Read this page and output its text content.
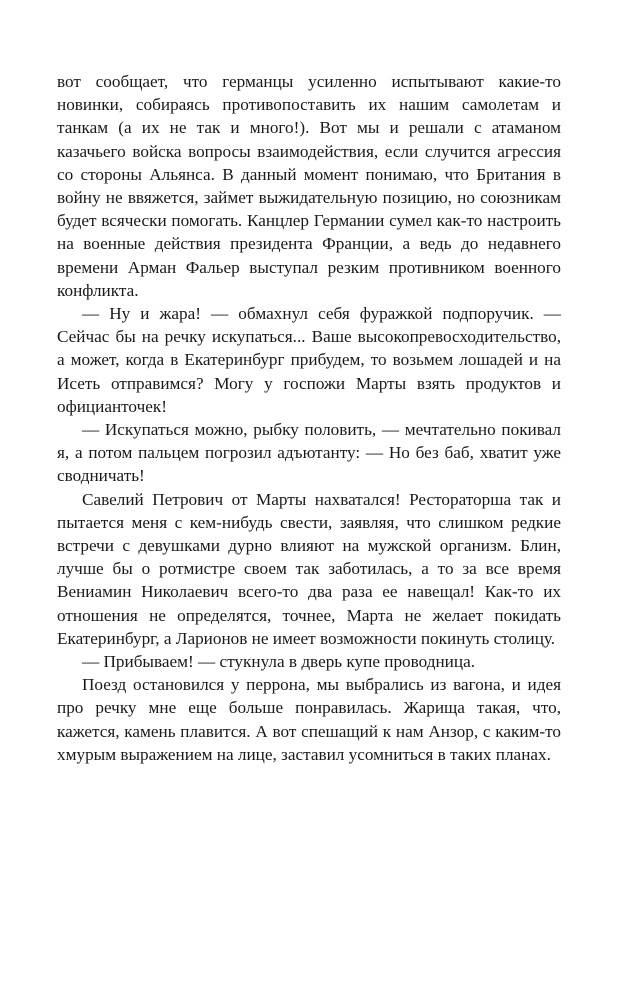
вот сообщает, что германцы усиленно испытывают какие-то новинки, собираясь противопоставить их нашим самолетам и танкам (а их не так и много!). Вот мы и решали с атаманом казачьего войска вопросы взаимодействия, если случится агрессия со стороны Альянса. В данный момент понимаю, что Британия в войну не ввяжется, займет выжидательную позицию, но союзникам будет всячески помогать. Канцлер Германии сумел как-то настроить на военные действия президента Франции, а ведь до недавнего времени Арман Фальер выступал резким противником военного конфликта.

— Ну и жара! — обмахнул себя фуражкой подпоручик. — Сейчас бы на речку искупаться... Ваше высокопревосходительство, а может, когда в Екатеринбург прибудем, то возьмем лошадей и на Исеть отправимся? Могу у госпожи Марты взять продуктов и официанточек!

— Искупаться можно, рыбку половить, — мечтательно покивал я, а потом пальцем погрозил адъютанту: — Но без баб, хватит уже сводничать!

Савелий Петрович от Марты нахватался! Рестораторша так и пытается меня с кем-нибудь свести, заявляя, что слишком редкие встречи с девушками дурно влияют на мужской организм. Блин, лучше бы о ротмистре своем так заботилась, а то за все время Вениамин Николаевич всего-то два раза ее навещал! Как-то их отношения не определятся, точнее, Марта не желает покидать Екатеринбург, а Ларионов не имеет возможности покинуть столицу.

— Прибываем! — стукнула в дверь купе проводница.

Поезд остановился у перрона, мы выбрались из вагона, и идея про речку мне еще больше понравилась. Жарища такая, что, кажется, камень плавится. А вот спешащий к нам Анзор, с каким-то хмурым выражением на лице, заставил усомниться в таких планах.
